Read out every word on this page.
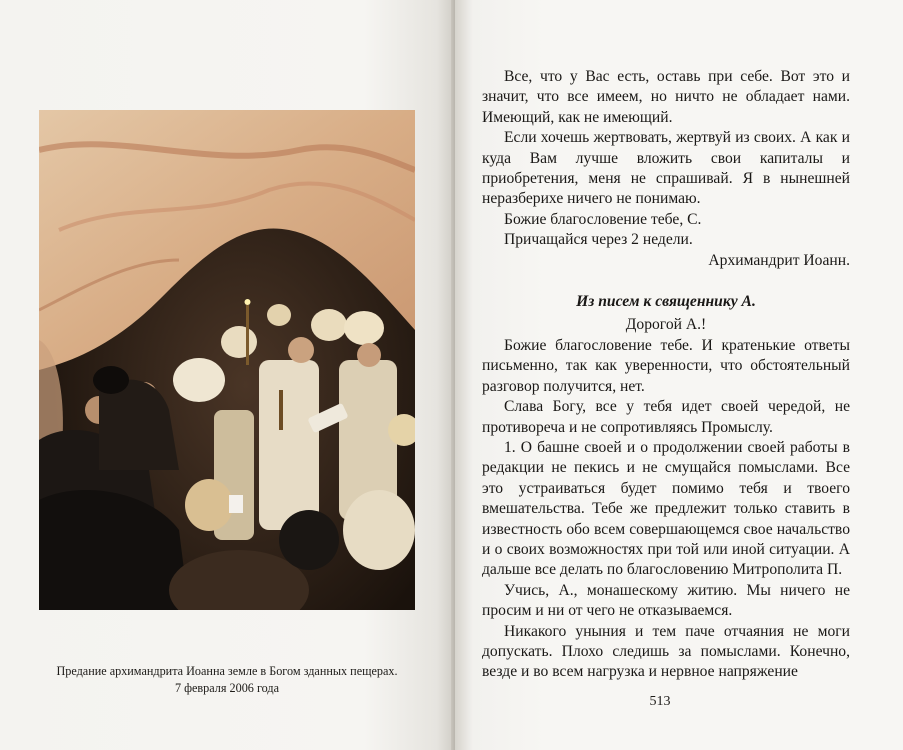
Предание архимандрита Иоанна земле в Богом зданных пещерах.
7 февраля 2006 года

Все, что у Вас есть, оставь при себе. Вот это и значит, что все имеем, но ничто не обладает нами. Имеющий, как не имеющий.

Если хочешь жертвовать, жертвуй из своих. А как и куда Вам лучше вложить свои капиталы и приобретения, меня не спрашивай. Я в нынешней неразберихе ничего не понимаю.

Божие благословение тебе, С.

Причащайся через 2 недели.

Архимандрит Иоанн.

Из писем к священнику А.

Дорогой А.!

Божие благословение тебе. И кратенькие ответы письменно, так как уверенности, что обстоятельный разговор получится, нет.

Слава Богу, все у тебя идет своей чередой, не противореча и не сопротивляясь Промыслу.

1. О башне своей и о продолжении своей работы в редакции не пекись и не смущайся помыслами. Все это устраиваться будет помимо тебя и твоего вмешательства. Тебе же предлежит только ставить в известность обо всем совершающемся свое начальство и о своих возможностях при той или иной ситуации. А дальше все делать по благословению Митрополита П.

Учись, А., монашескому житию. Мы ничего не просим и ни от чего не отказываемся.

Никакого уныния и тем паче отчаяния не моги допускать. Плохо следишь за помыслами. Конечно, везде и во всем нагрузка и нервное напряжение

513
